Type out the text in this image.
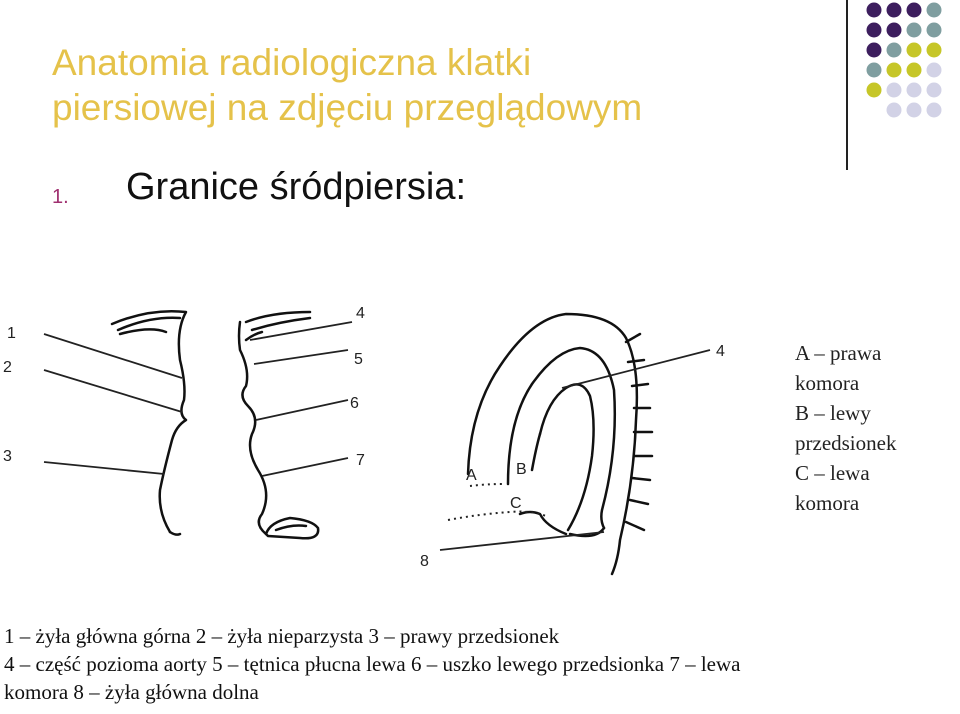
Anatomia radiologiczna klatki
piersiowej na zdjęciu przeglądowym
1. Granice śródpiersia:
1
2
3
4
5
6
7
4
8
A B
C
A – prawa
komora
B – lewy
przedsionek
C – lewa
komora
1 – żyła główna górna 2 – żyła nieparzysta 3 – prawy przedsionek
4 – część pozioma aorty 5 – tętnica płucna lewa 6 – uszko lewego przedsionka 7 – lewa
komora 8 – żyła główna dolna
